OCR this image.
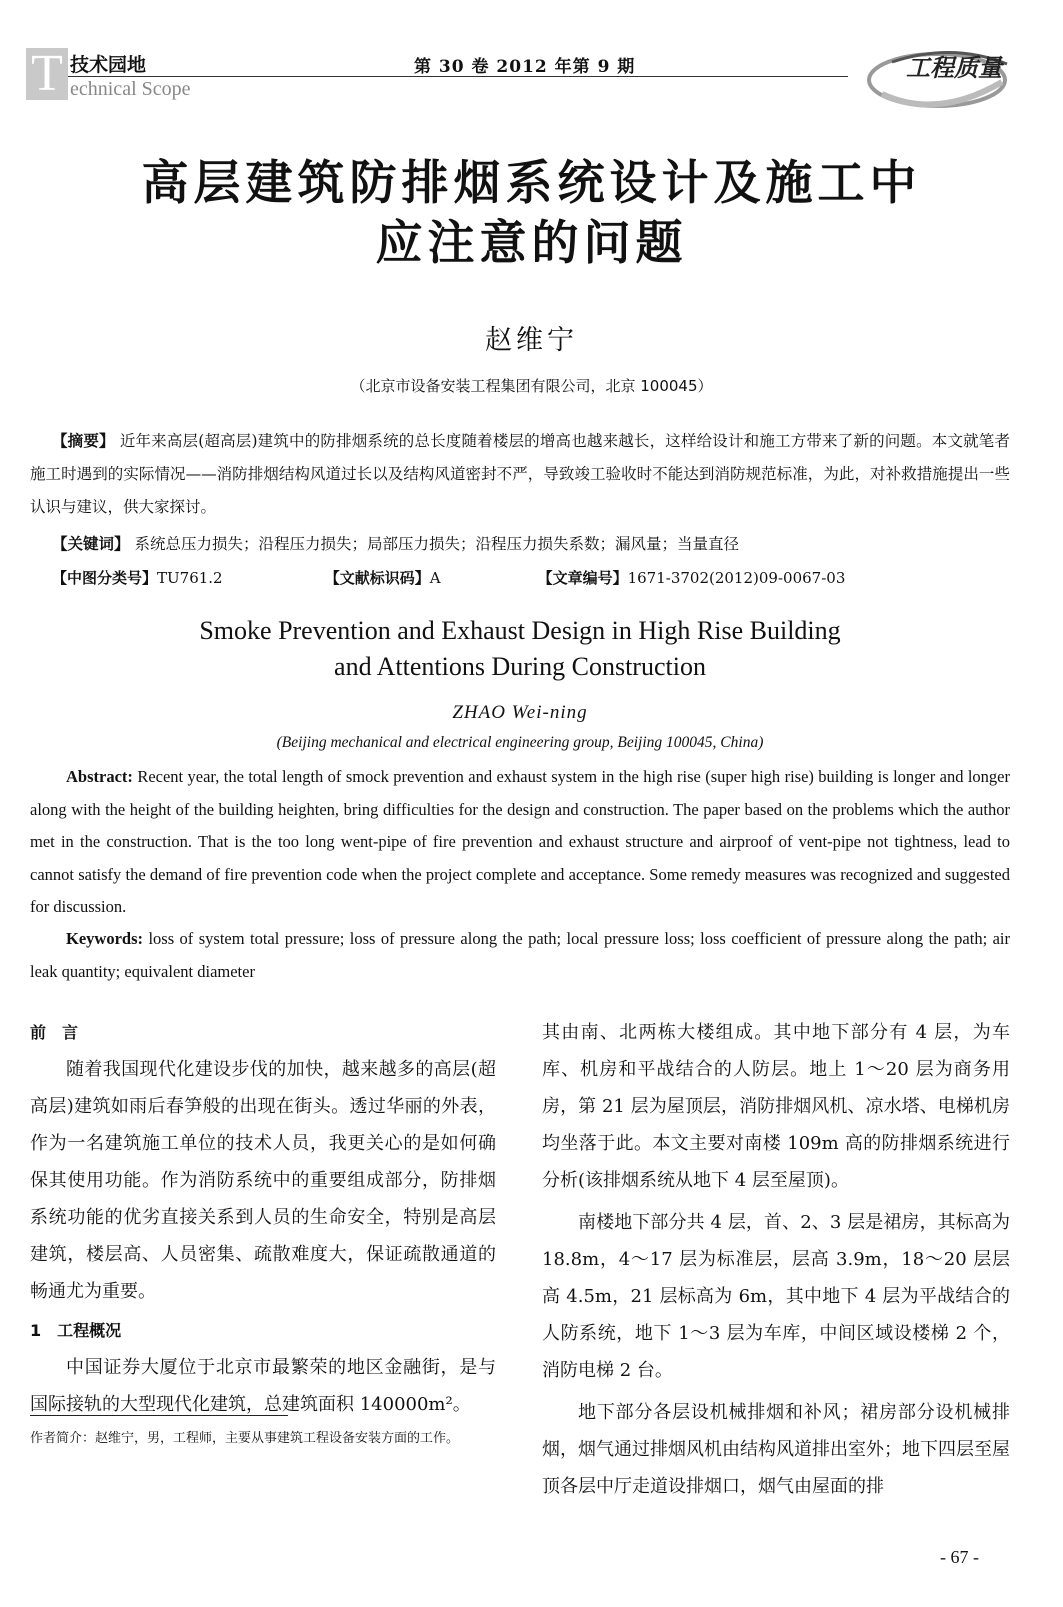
T 技术园地
echnical Scope
第 30 卷 2012 年第 9 期	工程质量
高层建筑防排烟系统设计及施工中
应注意的问题
赵维宁
（北京市设备安装工程集团有限公司，北京 100045）
【摘要】 近年来高层(超高层)建筑中的防排烟系统的总长度随着楼层的增高也越来越长，这样给设计和施工方带来了新的问题。本文就笔者施工时遇到的实际情况——消防排烟结构风道过长以及结构风道密封不严，导致竣工验收时不能达到消防规范标准，为此，对补救措施提出一些认识与建议，供大家探讨。
【关键词】 系统总压力损失；沿程压力损失；局部压力损失；沿程压力损失系数；漏风量；当量直径
【中图分类号】TU761.2	【文献标识码】A	【文章编号】1671-3702(2012)09-0067-03
Smoke Prevention and Exhaust Design in High Rise Building
and Attentions During Construction
ZHAO Wei-ning
(Beijing mechanical and electrical engineering group, Beijing 100045, China)
Abstract: Recent year, the total length of smock prevention and exhaust system in the high rise (super high rise) building is longer and longer along with the height of the building heighten, bring difficulties for the design and construction. The paper based on the problems which the author met in the construction. That is the too long went-pipe of fire prevention and exhaust structure and airproof of vent-pipe not tightness, lead to cannot satisfy the demand of fire prevention code when the project complete and acceptance. Some remedy measures was recognized and suggested for discussion.
Keywords: loss of system total pressure; loss of pressure along the path; local pressure loss; loss coefficient of pressure along the path; air leak quantity; equivalent diameter
前　言

随着我国现代化建设步伐的加快，越来越多的高层(超高层)建筑如雨后春笋般的出现在街头。透过华丽的外表，作为一名建筑施工单位的技术人员，我更关心的是如何确保其使用功能。作为消防系统中的重要组成部分，防排烟系统功能的优劣直接关系到人员的生命安全，特别是高层建筑，楼层高、人员密集、疏散难度大，保证疏散通道的畅通尤为重要。

1　工程概况

中国证券大厦位于北京市最繁荣的地区金融街，是与国际接轨的大型现代化建筑，总建筑面积 140000m²。

其由南、北两栋大楼组成。其中地下部分有 4 层，为车库、机房和平战结合的人防层。地上 1～20 层为商务用房，第 21 层为屋顶层，消防排烟风机、凉水塔、电梯机房均坐落于此。本文主要对南楼 109m 高的防排烟系统进行分析(该排烟系统从地下 4 层至屋顶)。

南楼地下部分共 4 层，首、2、3 层是裙房，其标高为 18.8m，4～17 层为标准层，层高 3.9m，18～20 层层高 4.5m，21 层标高为 6m，其中地下 4 层为平战结合的人防系统，地下 1～3 层为车库，中间区域设楼梯 2 个，消防电梯 2 台。

地下部分各层设机械排烟和补风；裙房部分设机械排烟，烟气通过排烟风机由结构风道排出室外；地下四层至屋顶各层中厅走道设排烟口，烟气由屋面的排

作者简介：赵维宁，男，工程师，主要从事建筑工程设备安装方面的工作。
- 67 -
